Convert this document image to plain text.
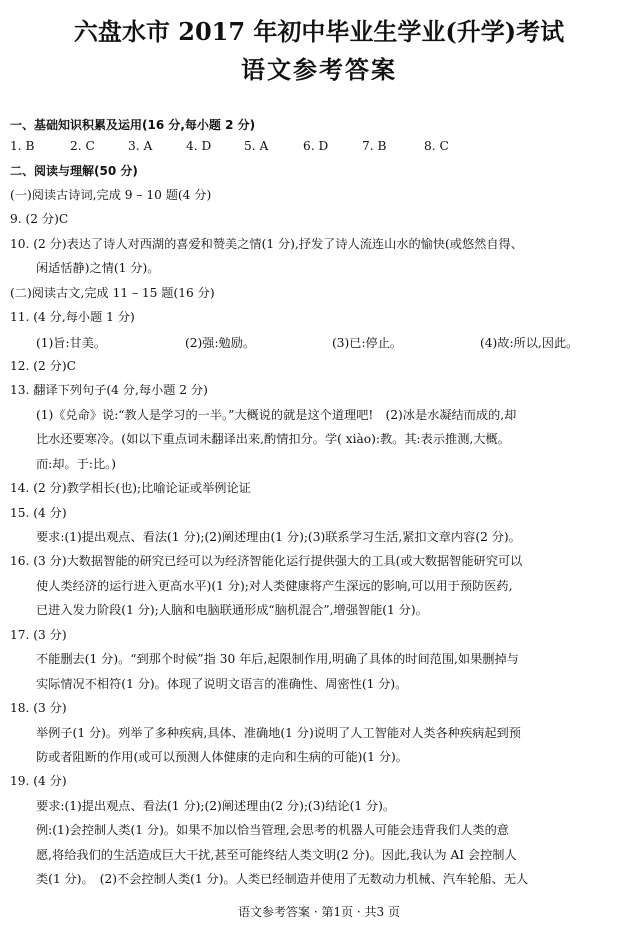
六盘水市 2017 年初中毕业生学业(升学)考试
语文参考答案
一、基础知识积累及运用(16 分,每小题 2 分)
1. B	2. C	3. A	4. D	5. A	6. D	7. B	8. C
二、阅读与理解(50 分)
(一)阅读古诗词,完成 9 – 10 题(4 分)
9. (2 分)C
10. (2 分)表达了诗人对西湖的喜爱和赞美之情(1 分),抒发了诗人流连山水的愉快(或悠然自得、
闲适恬静)之情(1 分)。
(二)阅读古文,完成 11 – 15 题(16 分)
11. (4 分,每小题 1 分)
(1)旨:甘美。	(2)强:勉励。	(3)已:停止。	(4)故:所以,因此。
12. (2 分)C
13. 翻译下列句子(4 分,每小题 2 分)
(1)《兑命》说:“教人是学习的一半。”大概说的就是这个道理吧!　(2)冰是水凝结而成的,却
比水还要寒冷。(如以下重点词未翻译出来,酌情扣分。学( xiào):教。其:表示推测,大概。
而:却。于:比。)
14. (2 分)教学相长(也);比喻论证或举例论证
15. (4 分)
要求:(1)提出观点、看法(1 分);(2)阐述理由(1 分);(3)联系学习生活,紧扣文章内容(2 分)。
16. (3 分)大数据智能的研究已经可以为经济智能化运行提供强大的工具(或大数据智能研究可以
使人类经济的运行进入更高水平)(1 分);对人类健康将产生深远的影响,可以用于预防医药,
已进入发力阶段(1 分);人脑和电脑联通形成“脑机混合”,增强智能(1 分)。
17. (3 分)
不能删去(1 分)。“到那个时候”指 30 年后,起限制作用,明确了具体的时间范围,如果删掉与
实际情况不相符(1 分)。体现了说明文语言的准确性、周密性(1 分)。
18. (3 分)
举例子(1 分)。列举了多种疾病,具体、准确地(1 分)说明了人工智能对人类各种疾病起到预
防或者阻断的作用(或可以预测人体健康的走向和生病的可能)(1 分)。
19. (4 分)
要求:(1)提出观点、看法(1 分);(2)阐述理由(2 分);(3)结论(1 分)。
例:(1)会控制人类(1 分)。如果不加以恰当管理,会思考的机器人可能会违背我们人类的意
愿,将给我们的生活造成巨大干扰,甚至可能终结人类文明(2 分)。因此,我认为 AI 会控制人
类(1 分)。　(2)不会控制人类(1 分)。人类已经制造并使用了无数动力机械、汽车轮船、无人
语文参考答案 · 第1页 · 共3 页
